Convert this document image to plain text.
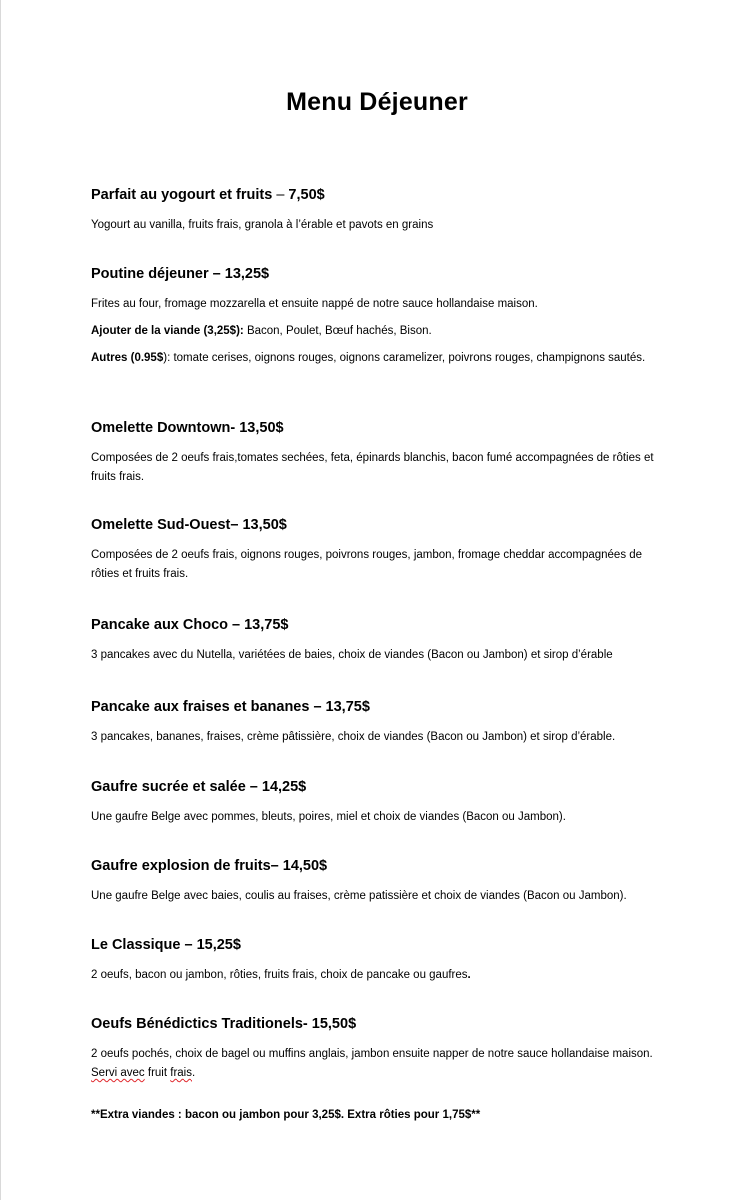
Menu Déjeuner

Parfait au yogourt et fruits – 7,50$

Yogourt au vanilla, fruits frais, granola à l’érable et pavots en grains

Poutine déjeuner – 13,25$

Frites au four, fromage mozzarella et ensuite nappé de notre sauce hollandaise maison.

Ajouter de la viande (3,25$): Bacon, Poulet, Bœuf hachés, Bison.

Autres (0.95$): tomate cerises, oignons rouges, oignons caramelizer, poivrons rouges, champignons sautés.

Omelette Downtown- 13,50$

Composées de 2 oeufs frais,tomates sechées, feta, épinards blanchis, bacon fumé accompagnées de rôties et fruits frais.

Omelette Sud-Ouest– 13,50$

Composées de 2 oeufs frais, oignons rouges, poivrons rouges, jambon, fromage cheddar accompagnées de rôties et fruits frais.

Pancake aux Choco – 13,75$

3 pancakes avec du Nutella, variétées de baies, choix de viandes (Bacon ou Jambon) et sirop d’érable

Pancake aux fraises et bananes – 13,75$

3 pancakes, bananes, fraises, crème pâtissière, choix de viandes (Bacon ou Jambon) et sirop d’érable.

Gaufre sucrée et salée – 14,25$

Une gaufre Belge avec pommes, bleuts, poires, miel et choix de viandes (Bacon ou Jambon).

Gaufre explosion de fruits– 14,50$

Une gaufre Belge avec baies, coulis au fraises, crème patissière et choix de viandes (Bacon ou Jambon).

Le Classique – 15,25$

2 oeufs, bacon ou jambon, rôties, fruits frais, choix de pancake ou gaufres.

Oeufs Bénédictics Traditionels- 15,50$

2 oeufs pochés, choix de bagel ou muffins anglais, jambon ensuite napper de notre sauce hollandaise maison. Servi avec fruit frais.

**Extra viandes : bacon ou jambon pour 3,25$. Extra rôties pour 1,75$**
